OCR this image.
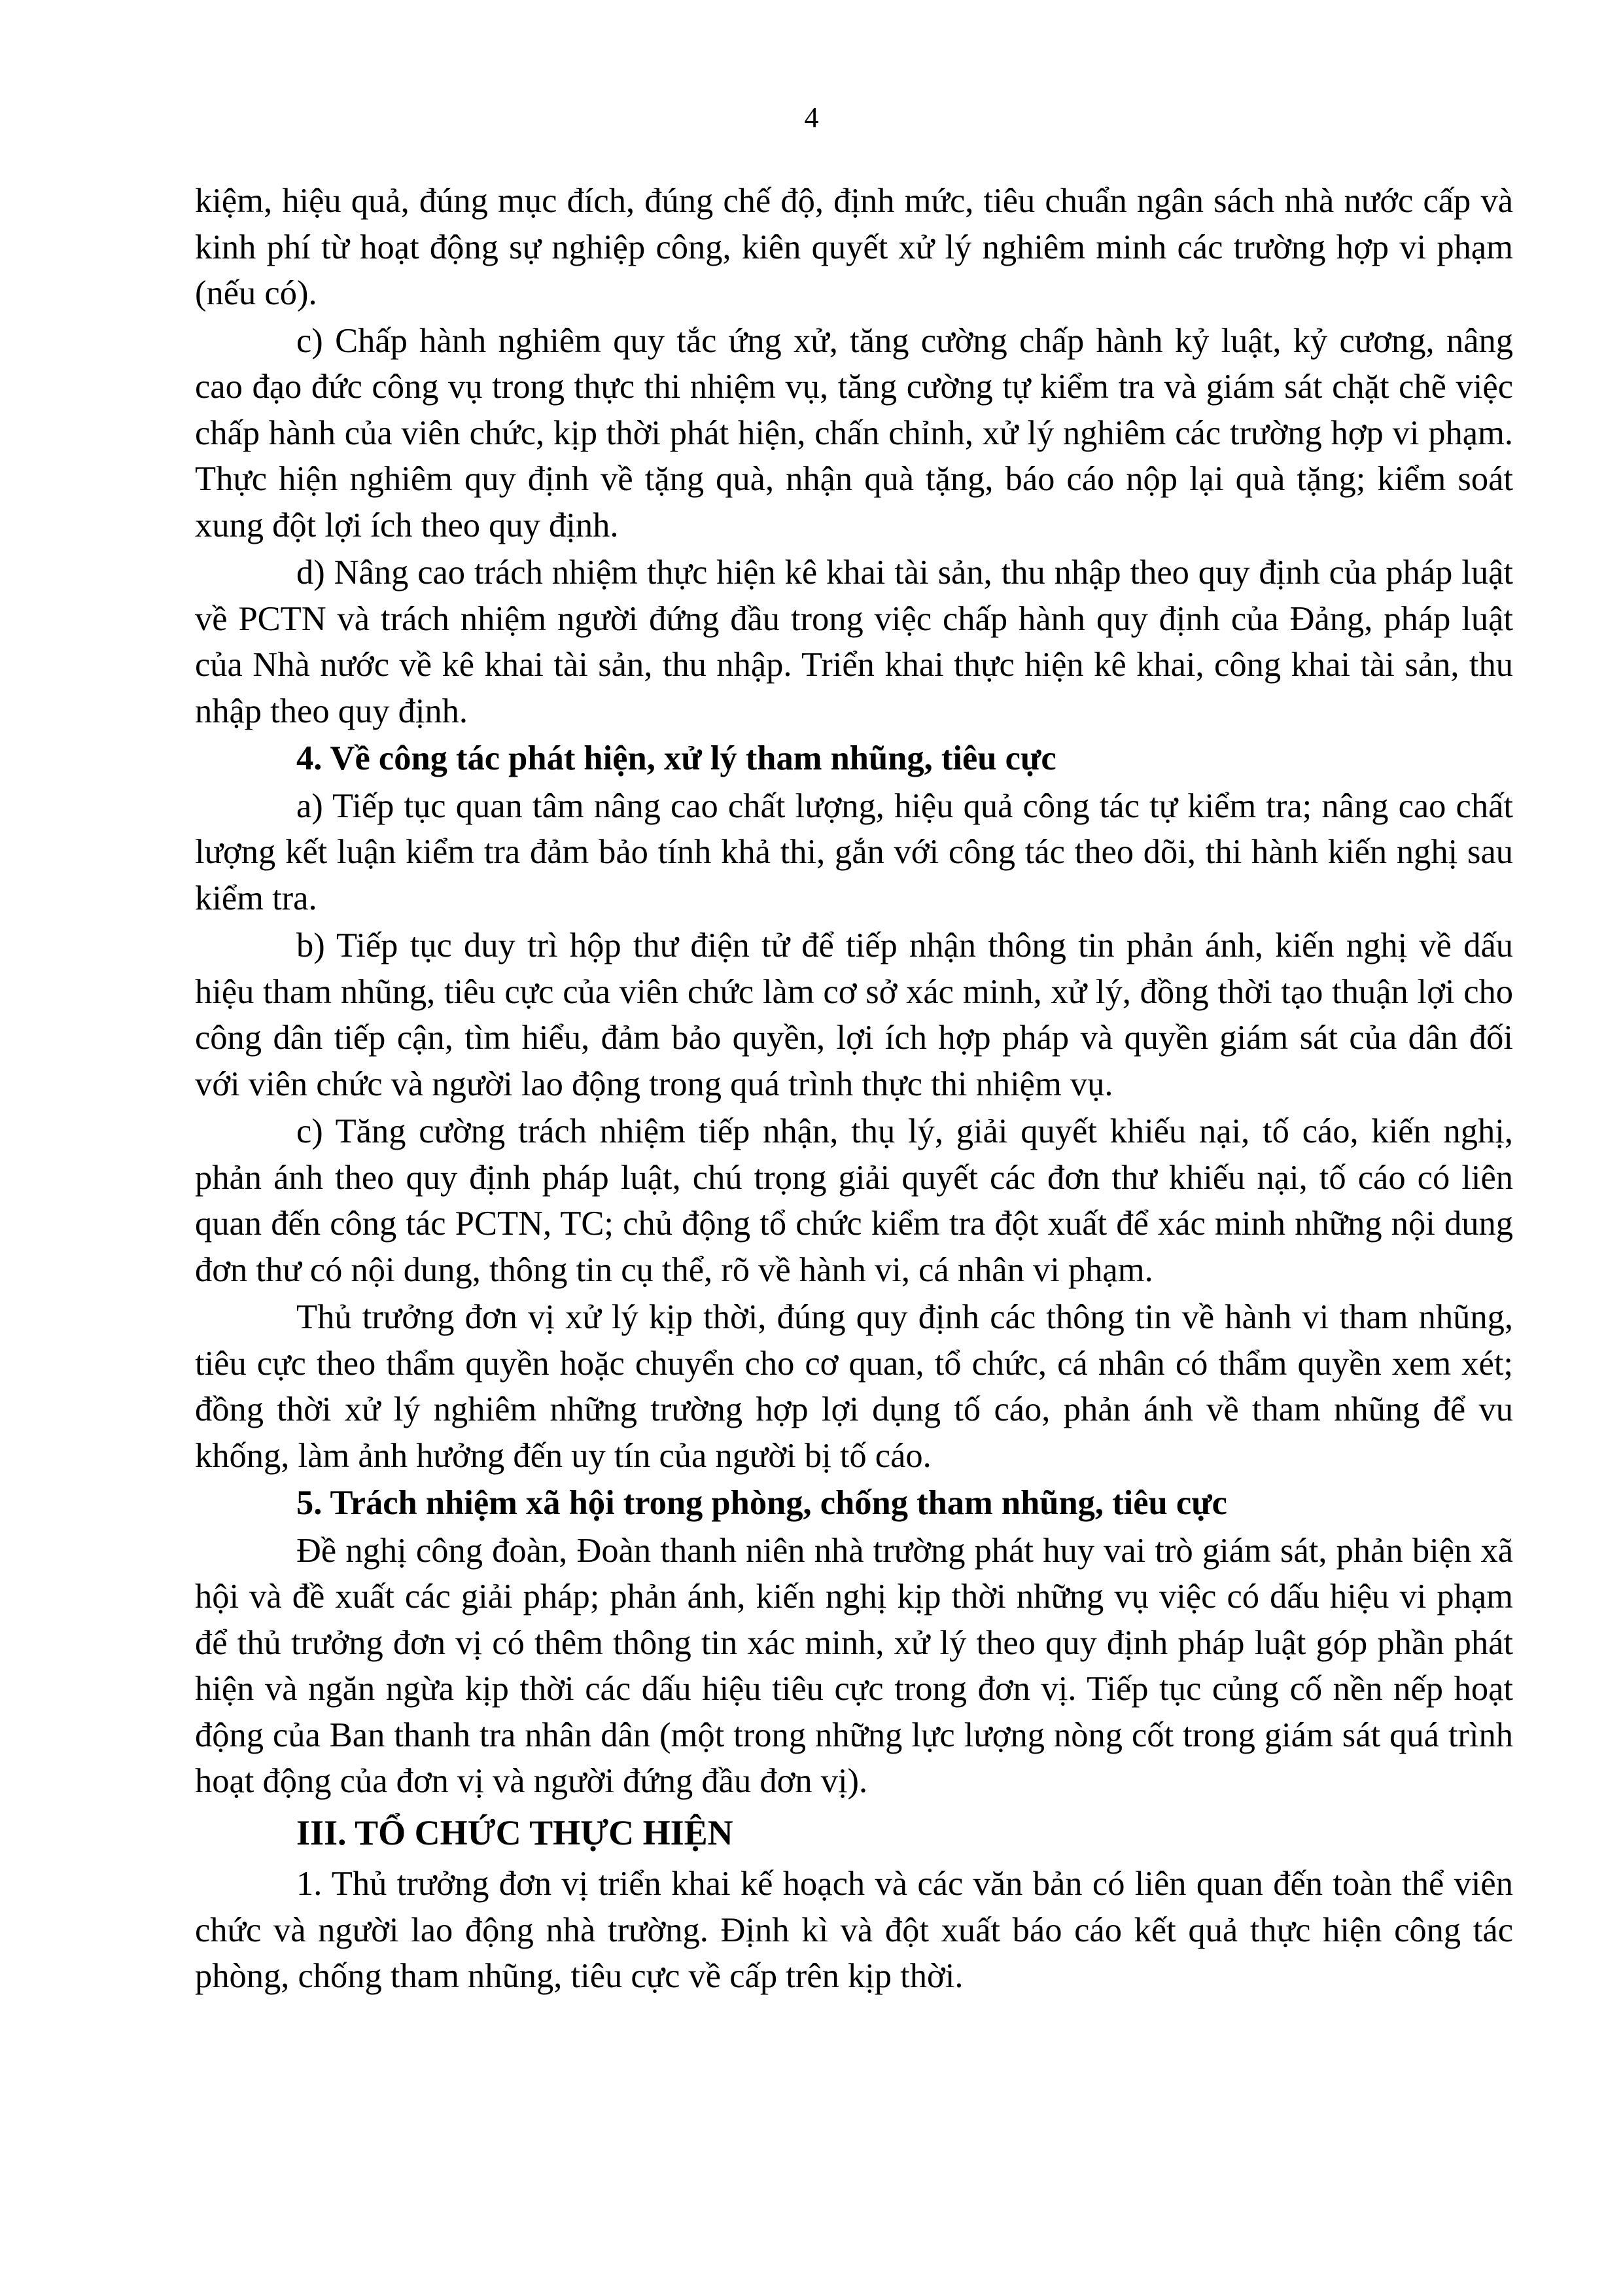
4

kiệm, hiệu quả, đúng mục đích, đúng chế độ, định mức, tiêu chuẩn ngân sách nhà nước cấp và kinh phí từ hoạt động sự nghiệp công, kiên quyết xử lý nghiêm minh các trường hợp vi phạm (nếu có).

c) Chấp hành nghiêm quy tắc ứng xử, tăng cường chấp hành kỷ luật, kỷ cương, nâng cao đạo đức công vụ trong thực thi nhiệm vụ, tăng cường tự kiểm tra và giám sát chặt chẽ việc chấp hành của viên chức, kịp thời phát hiện, chấn chỉnh, xử lý nghiêm các trường hợp vi phạm. Thực hiện nghiêm quy định về tặng quà, nhận quà tặng, báo cáo nộp lại quà tặng; kiểm soát xung đột lợi ích theo quy định.

d) Nâng cao trách nhiệm thực hiện kê khai tài sản, thu nhập theo quy định của pháp luật về PCTN và trách nhiệm người đứng đầu trong việc chấp hành quy định của Đảng, pháp luật của Nhà nước về kê khai tài sản, thu nhập. Triển khai thực hiện kê khai, công khai tài sản, thu nhập theo quy định.

4. Về công tác phát hiện, xử lý tham nhũng, tiêu cực

a) Tiếp tục quan tâm nâng cao chất lượng, hiệu quả công tác tự kiểm tra; nâng cao chất lượng kết luận kiểm tra đảm bảo tính khả thi, gắn với công tác theo dõi, thi hành kiến nghị sau kiểm tra.

b) Tiếp tục duy trì hộp thư điện tử để tiếp nhận thông tin phản ánh, kiến nghị về dấu hiệu tham nhũng, tiêu cực của viên chức làm cơ sở xác minh, xử lý, đồng thời tạo thuận lợi cho công dân tiếp cận, tìm hiểu, đảm bảo quyền, lợi ích hợp pháp và quyền giám sát của dân đối với viên chức và người lao động trong quá trình thực thi nhiệm vụ.

c) Tăng cường trách nhiệm tiếp nhận, thụ lý, giải quyết khiếu nại, tố cáo, kiến nghị, phản ánh theo quy định pháp luật, chú trọng giải quyết các đơn thư khiếu nại, tố cáo có liên quan đến công tác PCTN, TC; chủ động tổ chức kiểm tra đột xuất để xác minh những nội dung đơn thư có nội dung, thông tin cụ thể, rõ về hành vi, cá nhân vi phạm.

Thủ trưởng đơn vị xử lý kịp thời, đúng quy định các thông tin về hành vi tham nhũng, tiêu cực theo thẩm quyền hoặc chuyển cho cơ quan, tổ chức, cá nhân có thẩm quyền xem xét; đồng thời xử lý nghiêm những trường hợp lợi dụng tố cáo, phản ánh về tham nhũng để vu khống, làm ảnh hưởng đến uy tín của người bị tố cáo.

5. Trách nhiệm xã hội trong phòng, chống tham nhũng, tiêu cực

Đề nghị công đoàn, Đoàn thanh niên nhà trường phát huy vai trò giám sát, phản biện xã hội và đề xuất các giải pháp; phản ánh, kiến nghị kịp thời những vụ việc có dấu hiệu vi phạm để thủ trưởng đơn vị có thêm thông tin xác minh, xử lý theo quy định pháp luật góp phần phát hiện và ngăn ngừa kịp thời các dấu hiệu tiêu cực trong đơn vị. Tiếp tục củng cố nền nếp hoạt động của Ban thanh tra nhân dân (một trong những lực lượng nòng cốt trong giám sát quá trình hoạt động của đơn vị và người đứng đầu đơn vị).

III. TỔ CHỨC THỰC HIỆN

1. Thủ trưởng đơn vị triển khai kế hoạch và các văn bản có liên quan đến toàn thể viên chức và người lao động nhà trường. Định kì và đột xuất báo cáo kết quả thực hiện công tác phòng, chống tham nhũng, tiêu cực về cấp trên kịp thời.
